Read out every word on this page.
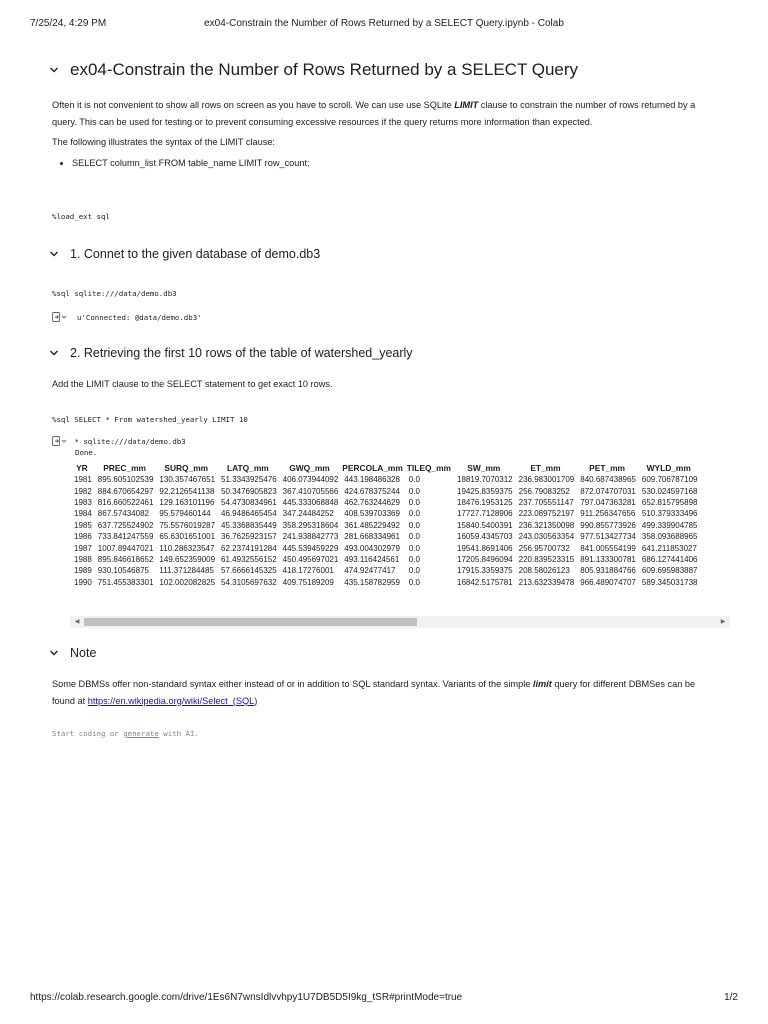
7/25/24, 4:29 PM	ex04-Constrain the Number of Rows Returned by a SELECT Query.ipynb - Colab
ex04-Constrain the Number of Rows Returned by a SELECT Query

Often it is not convenient to show all rows on screen as you have to scroll. We can use use SQLite LIMIT clause to constrain the number of rows returned by a query. This can be used for testing or to prevent consuming excessive resources if the query returns more information than expected.

The following illustrates the syntax of the LIMIT clause:

• SELECT column_list FROM table_name LIMIT row_count;
%load_ext sql
1. Connet to the given database of demo.db3
%sql sqlite:///data/demo.db3
u'Connected: @data/demo.db3'
2. Retrieving the first 10 rows of the table of watershed_yearly

Add the LIMIT clause to the SELECT statement to get exact 10 rows.

%sql SELECT * From watershed_yearly LIMIT 10
* sqlite:///data/demo.db3
Done.
YR	PREC_mm	SURQ_mm	LATQ_mm	GWQ_mm	PERCOLA_mm	TILEQ_mm	SW_mm	ET_mm	PET_mm	WYLD_mm
1981	895.605102539	130.357467651	51.3343925476	406.073944092	443.198486328	0.0	18819.7070312	236.983001709	840.687438965	609.706787109
1982	884.670654297	92.2126541138	50.3476905823	367.410705566	424.678375244	0.0	19425.8359375	256.79083252	872.074707031	530.024597168
1983	816.660522461	129.163101196	54.4730834961	445.333068848	462.763244629	0.0	18476.1953125	237.705551147	797.047363281	652.815795898
1984	867.57434082	95.579460144	46.9486465454	347.24484252	408.539703369	0.0	17727.7128906	223.089752197	911.256347656	510.379333496
1985	637.725524902	75.5576019287	45.3368835449	358.295318604	361.485229492	0.0	15840.5400391	236.321350098	990.855773926	499.339904785
1986	733.841247559	65.6301651001	36.7625923157	241.938842773	281.668334961	0.0	16059.4345703	243.030563354	977.513427734	358.093688965
1987	1007.89447021	110.286323547	62.2374191284	445.539459229	493.004302979	0.0	19541.8691406	256.95700732	841.005554199	641.211853027
1988	895.846618652	149.652359009	61.4932556152	450.495697021	493.116424561	0.0	17205.8496094	220.839523315	891.133300781	686.127441406
1989	930.10546875	111.371284485	57.6666145325	418.17276001	474.92477417	0.0	17915.3359375	208.58026123	805.931884766	609.695983887
1990	751.455383301	102.002082825	54.3105697632	409.75189209	435.158782959	0.0	16842.5175781	213.632339478	966.489074707	589.345031738
◀	▶
Note

Some DBMSs offer non-standard syntax either instead of or in addition to SQL standard syntax. Variants of the simple limit query for different DBMSes can be found at https://en.wikipedia.org/wiki/Select_(SQL)

Start coding or generate with AI.
https://colab.research.google.com/drive/1Es6N7wnsIdlvvhpy1U7DB5D5I9kg_tSR#printMode=true	1/2
